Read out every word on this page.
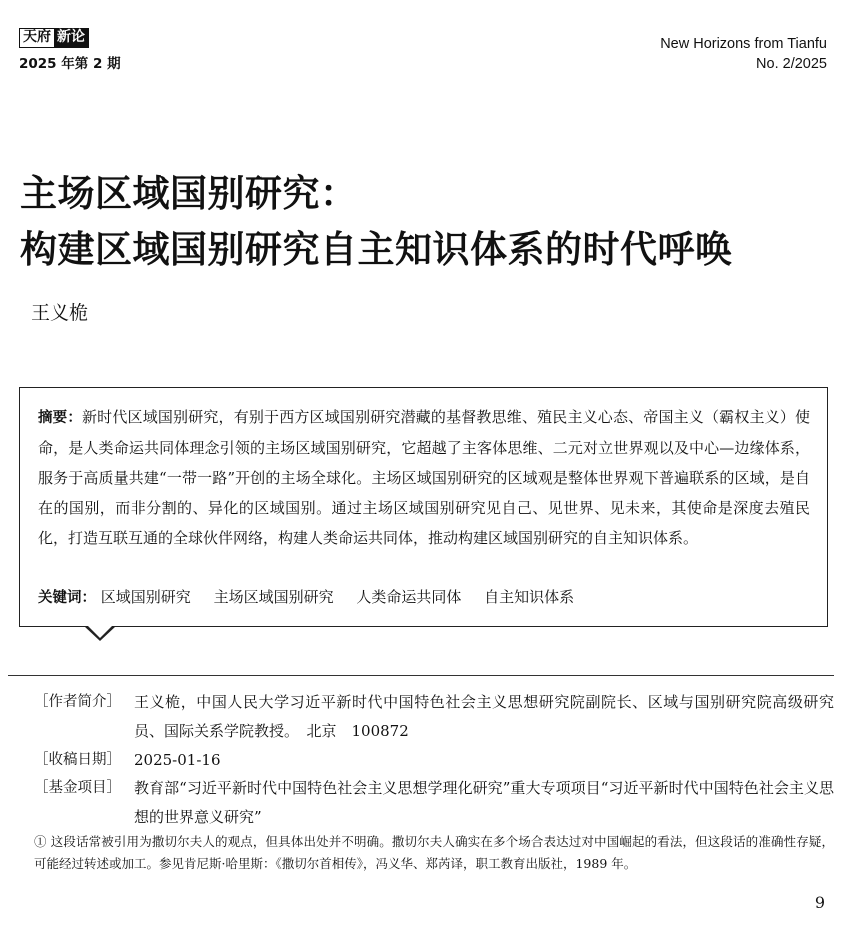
天府 新论
2025 年第 2 期
New Horizons from Tianfu
No. 2/2025
主场区域国别研究：
构建区域国别研究自主知识体系的时代呼唤
王义桅
摘要：新时代区域国别研究，有别于西方区域国别研究潜藏的基督教思维、殖民主义心态、帝国主义（霸权主义）使命，是人类命运共同体理念引领的主场区域国别研究，它超越了主客体思维、二元对立世界观以及中心—边缘体系，服务于高质量共建“一带一路”开创的主场全球化。主场区域国别研究的区域观是整体世界观下普遍联系的区域，是自在的国别，而非分割的、异化的区域国别。通过主场区域国别研究见自己、见世界、见未来，其使命是深度去殖民化，打造互联互通的全球伙伴网络，构建人类命运共同体，推动构建区域国别研究的自主知识体系。
关键词： 区域国别研究 主场区域国别研究 人类命运共同体 自主知识体系
［作者简介］ 王义桅，中国人民大学习近平新时代中国特色社会主义思想研究院副院长、区域与国别研究院高级研究员、国际关系学院教授。　北京　100872
［收稿日期］ 2025-01-16
［基金项目］ 教育部“习近平新时代中国特色社会主义思想学理化研究”重大专项项目“习近平新时代中国特色社会主义思想的世界意义研究”
① 这段话常被引用为撒切尔夫人的观点，但具体出处并不明确。撒切尔夫人确实在多个场合表达过对中国崛起的看法，但这段话的准确性存疑，可能经过转述或加工。参见肯尼斯·哈里斯：《撒切尔首相传》，冯义华、郑芮译，职工教育出版社，1989 年。
9
